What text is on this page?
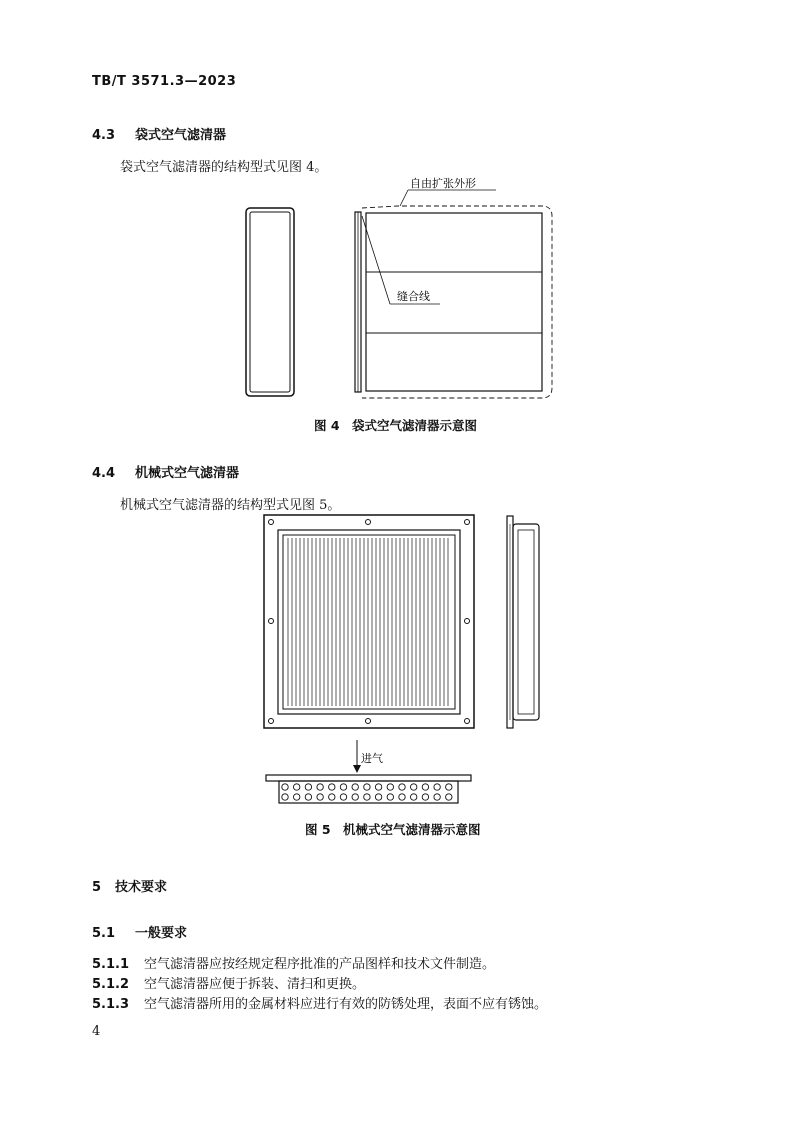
TB/T 3571.3—2023
4.3 袋式空气滤清器
袋式空气滤清器的结构型式见图 4。
自由扩张外形
缝合线
图 4　袋式空气滤清器示意图
4.4 机械式空气滤清器
机械式空气滤清器的结构型式见图 5。
进气
图 5　机械式空气滤清器示意图
5 技术要求
5.1 一般要求
5.1.1 空气滤清器应按经规定程序批准的产品图样和技术文件制造。
5.1.2 空气滤清器应便于拆装、清扫和更换。
5.1.3 空气滤清器所用的金属材料应进行有效的防锈处理，表面不应有锈蚀。
4
